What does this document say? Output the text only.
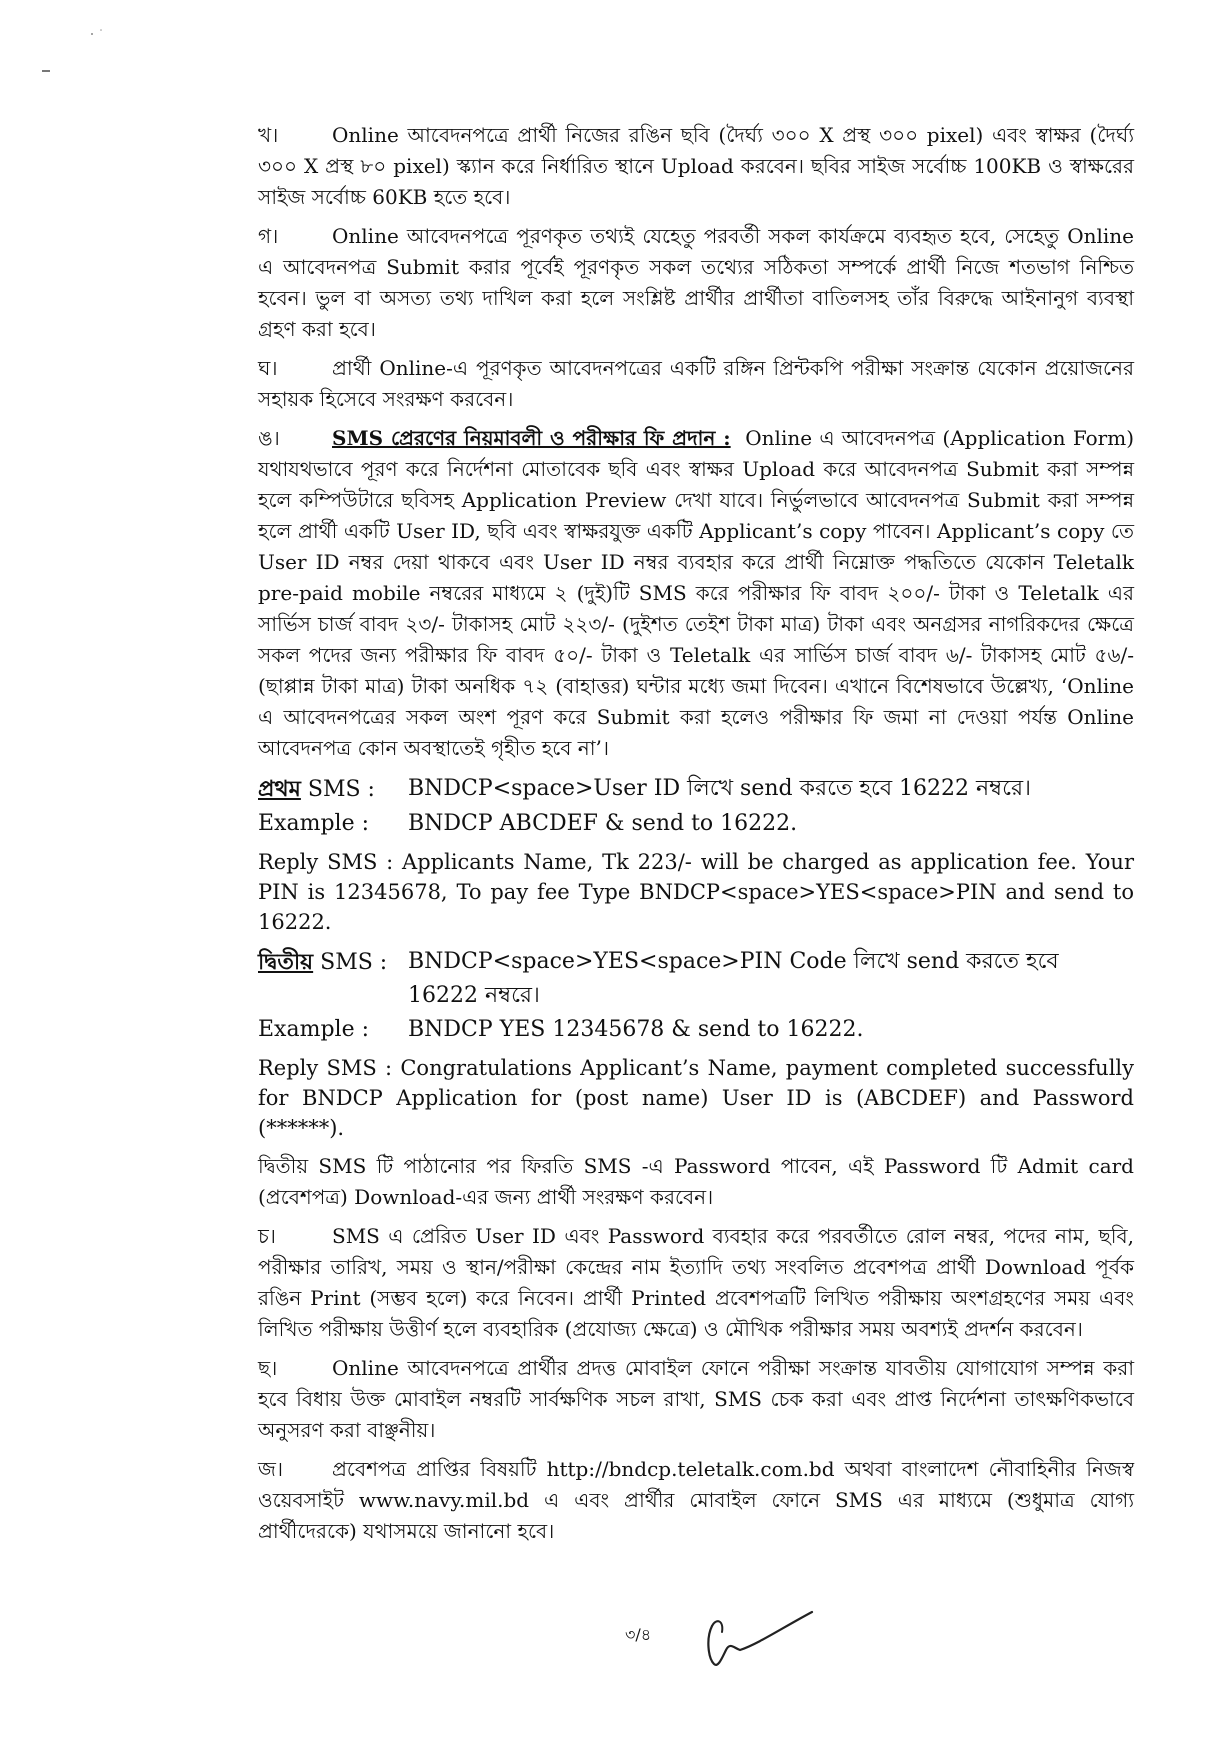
খ।	Online আবেদনপত্রে প্রার্থী নিজের রঙিন ছবি (দৈর্ঘ্য ৩০০ X প্রস্থ ৩০০ pixel) এবং স্বাক্ষর (দৈর্ঘ্য ৩০০ X প্রস্থ ৮০ pixel) স্ক্যান করে নির্ধারিত স্থানে Upload করবেন। ছবির সাইজ সর্বোচ্চ 100KB ও স্বাক্ষরের সাইজ সর্বোচ্চ 60KB হতে হবে।

গ।	Online আবেদনপত্রে পূরণকৃত তথ্যই যেহেতু পরবর্তী সকল কার্যক্রমে ব্যবহৃত হবে, সেহেতু Online এ আবেদনপত্র Submit করার পূর্বেই পূরণকৃত সকল তথ্যের সঠিকতা সম্পর্কে প্রার্থী নিজে শতভাগ নিশ্চিত হবেন। ভুল বা অসত্য তথ্য দাখিল করা হলে সংশ্লিষ্ট প্রার্থীর প্রার্থীতা বাতিলসহ তাঁর বিরুদ্ধে আইনানুগ ব্যবস্থা গ্রহণ করা হবে।

ঘ।	প্রার্থী Online-এ পূরণকৃত আবেদনপত্রের একটি রঙ্গিন প্রিন্টকপি পরীক্ষা সংক্রান্ত যেকোন প্রয়োজনের সহায়ক হিসেবে সংরক্ষণ করবেন।

ঙ।	SMS প্রেরণের নিয়মাবলী ও পরীক্ষার ফি প্রদান : Online এ আবেদনপত্র (Application Form) যথাযথভাবে পূরণ করে নির্দেশনা মোতাবেক ছবি এবং স্বাক্ষর Upload করে আবেদনপত্র Submit করা সম্পন্ন হলে কম্পিউটারে ছবিসহ Application Preview দেখা যাবে। নির্ভুলভাবে আবেদনপত্র Submit করা সম্পন্ন হলে প্রার্থী একটি User ID, ছবি এবং স্বাক্ষরযুক্ত একটি Applicant’s copy পাবেন। Applicant’s copy তে User ID নম্বর দেয়া থাকবে এবং User ID নম্বর ব্যবহার করে প্রার্থী নিম্নোক্ত পদ্ধতিতে যেকোন Teletalk pre-paid mobile নম্বরের মাধ্যমে ২ (দুই)টি SMS করে পরীক্ষার ফি বাবদ ২০০/- টাকা ও Teletalk এর সার্ভিস চার্জ বাবদ ২৩/- টাকাসহ মোট ২২৩/- (দুইশত তেইশ টাকা মাত্র) টাকা এবং অনগ্রসর নাগরিকদের ক্ষেত্রে সকল পদের জন্য পরীক্ষার ফি বাবদ ৫০/- টাকা ও Teletalk এর সার্ভিস চার্জ বাবদ ৬/- টাকাসহ মোট ৫৬/- (ছাপ্পান্ন টাকা মাত্র) টাকা অনধিক ৭২ (বাহাত্তর) ঘন্টার মধ্যে জমা দিবেন। এখানে বিশেষভাবে উল্লেখ্য, ‘Online এ আবেদনপত্রের সকল অংশ পূরণ করে Submit করা হলেও পরীক্ষার ফি জমা না দেওয়া পর্যন্ত Online আবেদনপত্র কোন অবস্থাতেই গৃহীত হবে না’।

প্রথম SMS :	BNDCP<space>User ID লিখে send করতে হবে 16222 নম্বরে।
Example :	BNDCP ABCDEF & send to 16222.

Reply SMS : Applicants Name, Tk 223/- will be charged as application fee. Your PIN is 12345678, To pay fee Type BNDCP<space>YES<space>PIN and send to 16222.

দ্বিতীয় SMS : BNDCP<space>YES<space>PIN Code লিখে send করতে হবে 16222 নম্বরে।
Example :	BNDCP YES 12345678 & send to 16222.

Reply SMS : Congratulations Applicant’s Name, payment completed successfully for BNDCP Application for (post name) User ID is (ABCDEF) and Password (******).

দ্বিতীয় SMS টি পাঠানোর পর ফিরতি SMS -এ Password পাবেন, এই Password টি Admit card (প্রবেশপত্র) Download-এর জন্য প্রার্থী সংরক্ষণ করবেন।

চ।	SMS এ প্রেরিত User ID এবং Password ব্যবহার করে পরবর্তীতে রোল নম্বর, পদের নাম, ছবি, পরীক্ষার তারিখ, সময় ও স্থান/পরীক্ষা কেন্দ্রের নাম ইত্যাদি তথ্য সংবলিত প্রবেশপত্র প্রার্থী Download পূর্বক রঙিন Print (সম্ভব হলে) করে নিবেন। প্রার্থী Printed প্রবেশপত্রটি লিখিত পরীক্ষায় অংশগ্রহণের সময় এবং লিখিত পরীক্ষায় উত্তীর্ণ হলে ব্যবহারিক (প্রযোজ্য ক্ষেত্রে) ও মৌখিক পরীক্ষার সময় অবশ্যই প্রদর্শন করবেন।

ছ।	Online আবেদনপত্রে প্রার্থীর প্রদত্ত মোবাইল ফোনে পরীক্ষা সংক্রান্ত যাবতীয় যোগাযোগ সম্পন্ন করা হবে বিধায় উক্ত মোবাইল নম্বরটি সার্বক্ষণিক সচল রাখা, SMS চেক করা এবং প্রাপ্ত নির্দেশনা তাৎক্ষণিকভাবে অনুসরণ করা বাঞ্ছনীয়।

জ। প্রবেশপত্র প্রাপ্তির বিষয়টি http://bndcp.teletalk.com.bd অথবা বাংলাদেশ নৌবাহিনীর নিজস্ব ওয়েবসাইট www.navy.mil.bd এ এবং প্রার্থীর মোবাইল ফোনে SMS এর মাধ্যমে (শুধুমাত্র যোগ্য প্রার্থীদেরকে) যথাসময়ে জানানো হবে।

৩/৪
